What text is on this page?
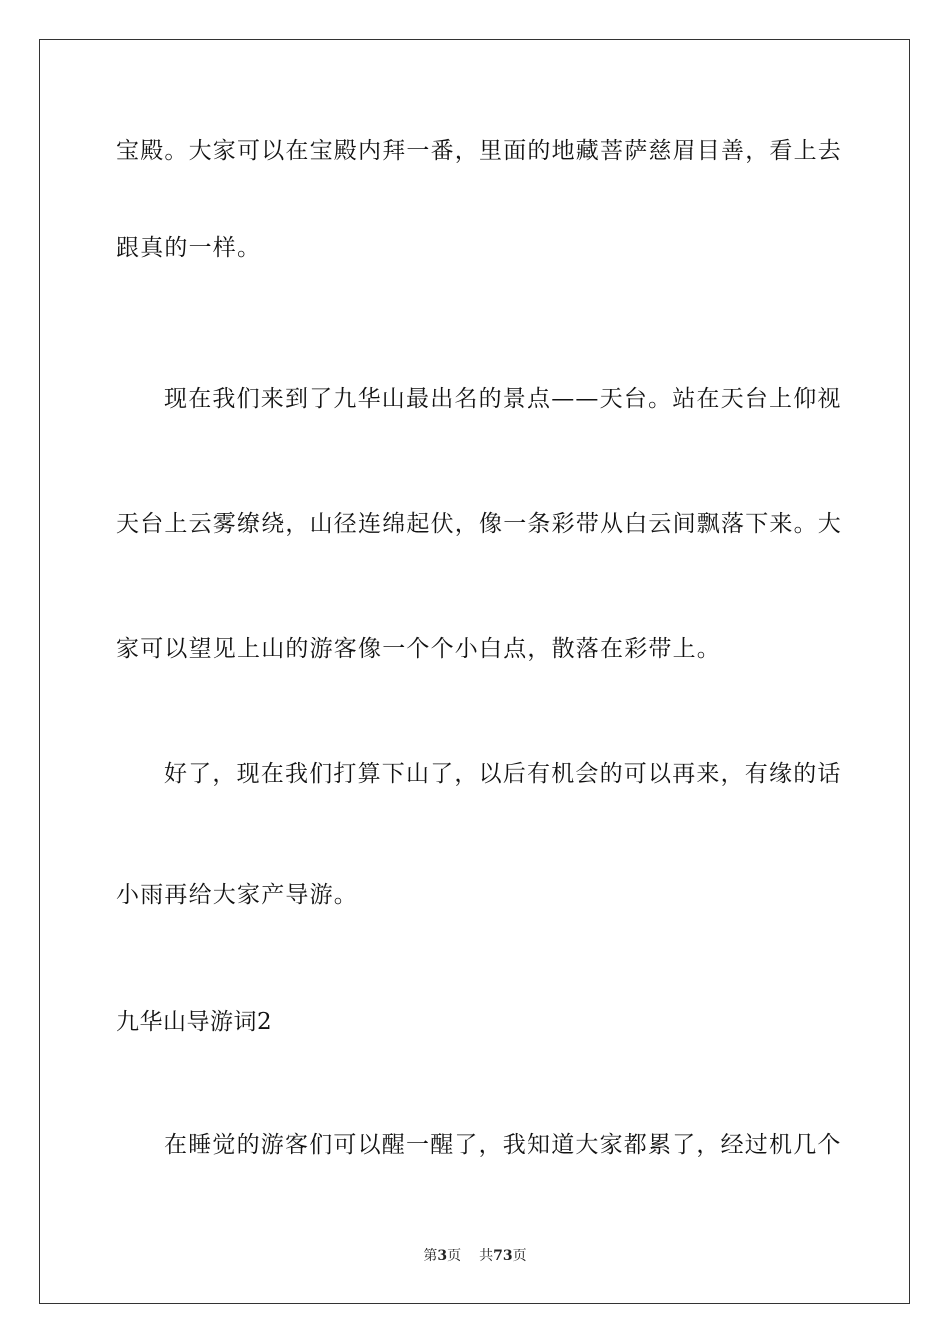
宝殿。大家可以在宝殿内拜一番，里面的地藏菩萨慈眉目善，看上去
跟真的一样。
现在我们来到了九华山最出名的景点——天台。站在天台上仰视
天台上云雾缭绕，山径连绵起伏，像一条彩带从白云间飘落下来。大
家可以望见上山的游客像一个个小白点，散落在彩带上。
好了，现在我们打算下山了，以后有机会的可以再来，有缘的话
小雨再给大家产导游。
九华山导游词2
在睡觉的游客们可以醒一醒了，我知道大家都累了，经过机几个
第3页 共73页
